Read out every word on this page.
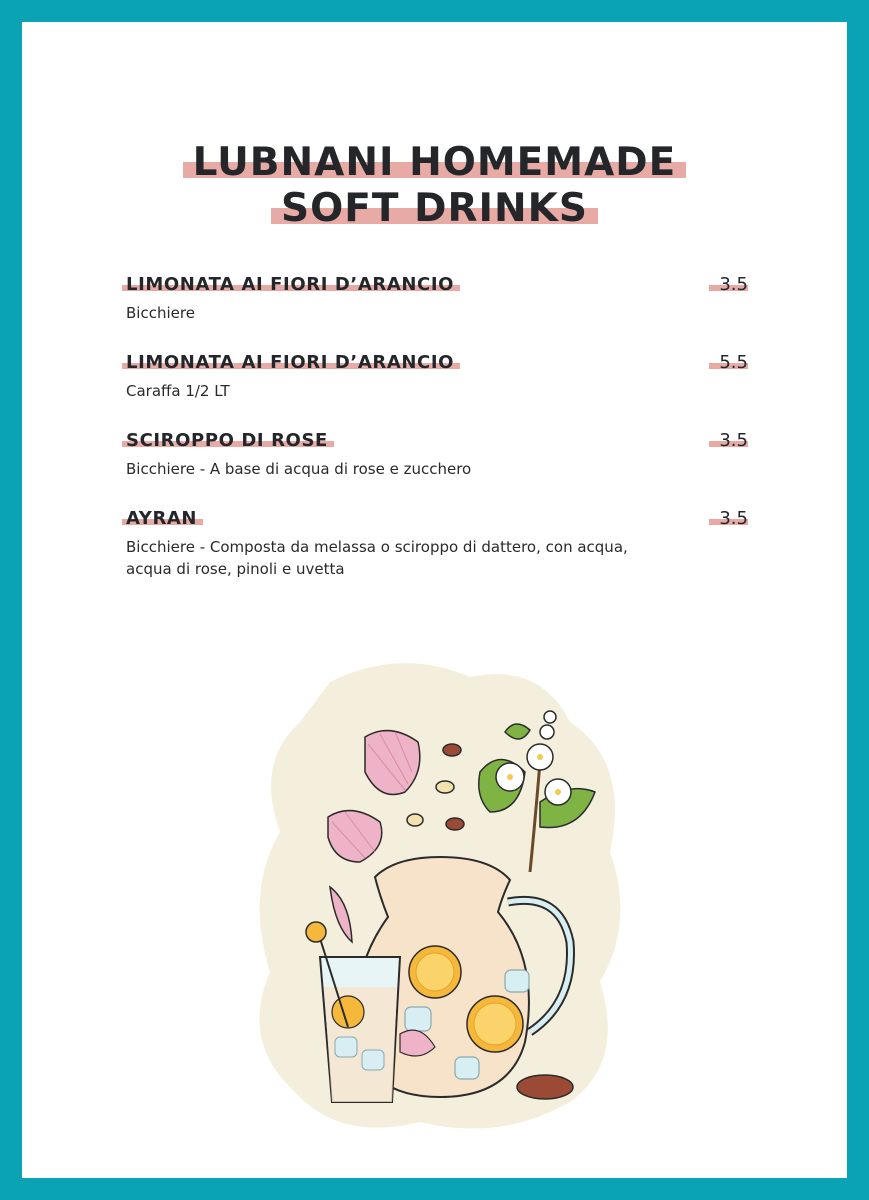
LUBNANI HOMEMADE

SOFT DRINKS
LIMONATA AI FIORI D’ARANCIO	3.5
Bicchiere
LIMONATA AI FIORI D’ARANCIO	5.5
Caraffa 1/2 LT
SCIROPPO DI ROSE	3.5
Bicchiere - A base di acqua di rose e zucchero
AYRAN	3.5
Bicchiere - Composta da melassa o sciroppo di dattero, con acqua, acqua di rose, pinoli e uvetta
